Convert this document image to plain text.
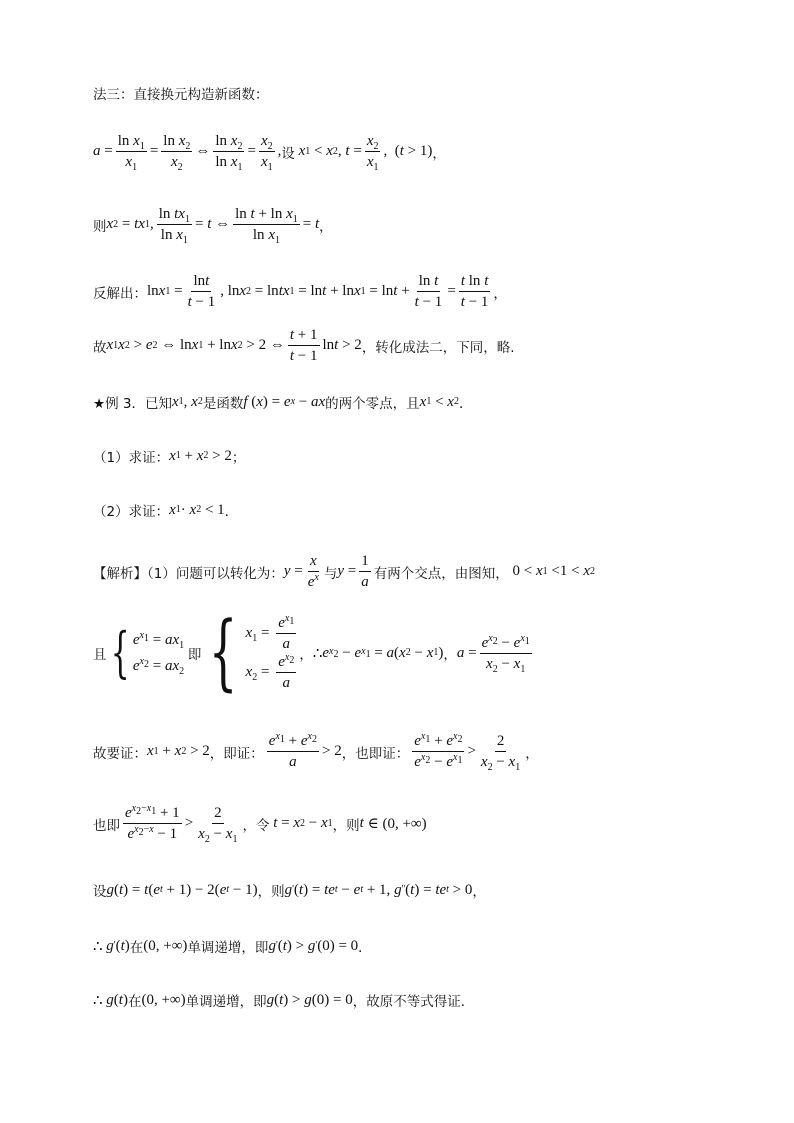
法三：直接换元构造新函数：
$a = \frac{\ln x_1}{x_1} = \frac{\ln x_2}{x_2}$ ⇔ $\frac{\ln x_2}{\ln x_1} = \frac{x_2}{x_1}$ , 设
x 1 < x 2 , $t = \frac{x_2}{x_1}$ ,  ( t > 1) ，
则 x 2 = tx 1 , $\frac{\ln tx_1}{\ln x_1} = t$ ⇔ $\frac{\ln t + \ln x_1}{\ln x_1} = t$ ，
反解出： ln x $1 = \frac{\ln t}{t - 1}$ , ln x 2 = ln tx 1 = ln t + ln x $1 = \ln t + \frac{\text{ln t}}{t - 1} = \frac{\text{t ln t}}{t - 1}$ ，
故 x 1 x 2 > e 2 ⇔ ln x 1 + ln x 2 > 2 ⇔ $\frac{t + 1}{t - 1}$ ln t > 2 ，转化成法二，下同，略.
★例 3．已知 x 1 , x 2 是函数 f ( x ) = e x − ax 的两个零点，且 x 1 < x 2 ．
（1）求证： x 1 + x 2 > 2 ；
（2）求证： x 1 · x 2 < 1 ．
【解析】（1）问题可以转化为： $y = \frac{x}{e^x}$ 与 $y = \frac{1}{a}$ 有两个交点，由图知， 0 < x 1 <1 < x 2
且 { $e^{x_1} = ax_1$
$e^{x_2} = ax_2$

即 { $x_1 = \frac{e^{x_1}}{a}$
$x_2 = \frac{e^{x_2}}{a}$ ， ∴ e $x_2 - e$ $x_1 = a$ ( x 2 − x 1 ) ， $a = \frac{e^{x_2} - e^{x_1}}{x_2 - x_1}$
故要证： x 1 + x 2 > 2 ，即证： $\frac{e^{x_1} + e^{x_2}}{a} > 2$ ，也即证： $\frac{e^{x_1} + e^{x_2}}{e^{x_2} - e^{x_1}} > \frac{2}{x_2 - x_1}$ ，
也即 $\frac{e^{x_2-x_1} + 1}{e^{x_2-x} - 1} > \frac{2}{x_2 - x_1}$ ，令
t = x 2 − x 1 ，则 t ∈ (0, +∞)
设 g ( t ) = t ( e t + 1) − 2( e t − 1) ，则 g ' ( t ) = te t − e t + 1, g '' ( t ) = te t > 0 ，
∴ g ' ( t ) 在 (0, +∞) 单调递增，即 g ' ( t ) > g ' (0) = 0 ．
∴ g ( t ) 在 (0, +∞) 单调递增，即 g ( t ) > g (0) = 0 ，故原不等式得证．
